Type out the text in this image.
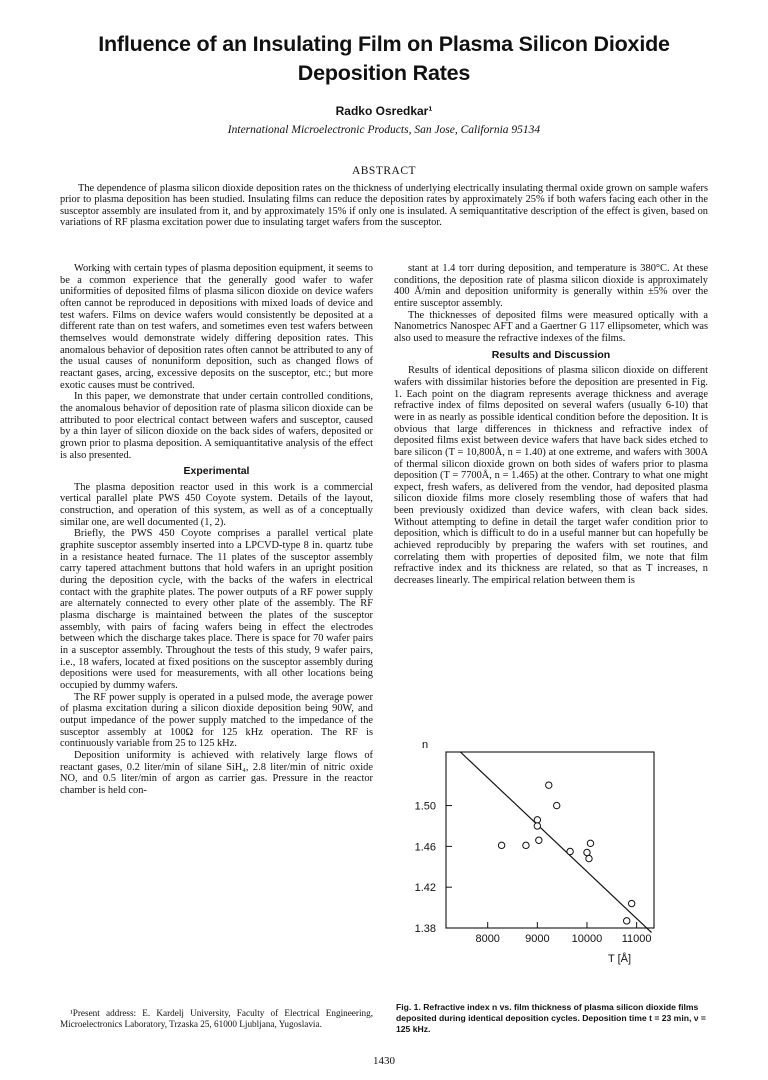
Influence of an Insulating Film on Plasma Silicon Dioxide Deposition Rates
Radko Osredkar¹
International Microelectronic Products, San Jose, California 95134
ABSTRACT

The dependence of plasma silicon dioxide deposition rates on the thickness of underlying electrically insulating thermal oxide grown on sample wafers prior to plasma deposition has been studied. Insulating films can reduce the deposition rates by approximately 25% if both wafers facing each other in the susceptor assembly are insulated from it, and by approximately 15% if only one is insulated. A semiquantitative description of the effect is given, based on variations of RF plasma excitation power due to insulating target wafers from the susceptor.

Working with certain types of plasma deposition equipment, it seems to be a common experience that the generally good wafer to wafer uniformities of deposited films of plasma silicon dioxide on device wafers often cannot be reproduced in depositions with mixed loads of device and test wafers. Films on device wafers would consistently be deposited at a different rate than on test wafers, and sometimes even test wafers between themselves would demonstrate widely differing deposition rates. This anomalous behavior of deposition rates often cannot be attributed to any of the usual causes of nonuniform deposition, such as changed flows of reactant gases, arcing, excessive deposits on the susceptor, etc.; but more exotic causes must be contrived.

In this paper, we demonstrate that under certain controlled conditions, the anomalous behavior of deposition rate of plasma silicon dioxide can be attributed to poor electrical contact between wafers and susceptor, caused by a thin layer of silicon dioxide on the back sides of wafers, deposited or grown prior to plasma deposition. A semiquantitative analysis of the effect is also presented.

Experimental

The plasma deposition reactor used in this work is a commercial vertical parallel plate PWS 450 Coyote system. Details of the layout, construction, and operation of this system, as well as of a conceptually similar one, are well documented (1, 2).

Briefly, the PWS 450 Coyote comprises a parallel vertical plate graphite susceptor assembly inserted into a LPCVD-type 8 in. quartz tube in a resistance heated furnace. The 11 plates of the susceptor assembly carry tapered attachment buttons that hold wafers in an upright position during the deposition cycle, with the backs of the wafers in electrical contact with the graphite plates. The power outputs of a RF power supply are alternately connected to every other plate of the assembly. The RF plasma discharge is maintained between the plates of the susceptor assembly, with pairs of facing wafers being in effect the electrodes between which the discharge takes place. There is space for 70 wafer pairs in a susceptor assembly. Throughout the tests of this study, 9 wafer pairs, i.e., 18 wafers, located at fixed positions on the susceptor assembly during depositions were used for measurements, with all other locations being occupied by dummy wafers.

The RF power supply is operated in a pulsed mode, the average power of plasma excitation during a silicon dioxide deposition being 90W, and output impedance of the power supply matched to the impedance of the susceptor assembly at 100Ω for 125 kHz operation. The RF is continuously variable from 25 to 125 kHz.

Deposition uniformity is achieved with relatively large flows of reactant gases, 0.2 liter/min of silane SiH₄, 2.8 liter/min of nitric oxide NO, and 0.5 liter/min of argon as carrier gas. Pressure in the reactor chamber is held con-

¹Present address: E. Kardelj University, Faculty of Electrical Engineering, Microelectronics Laboratory, Trzaska 25, 61000 Ljubljana, Yugoslavia.

stant at 1.4 torr during deposition, and temperature is 380°C. At these conditions, the deposition rate of plasma silicon dioxide is approximately 400 Å/min and deposition uniformity is generally within ±5% over the entire susceptor assembly.

The thicknesses of deposited films were measured optically with a Nanometrics Nanospec AFT and a Gaertner G 117 ellipsometer, which was also used to measure the refractive indexes of the films.

Results and Discussion

Results of identical depositions of plasma silicon dioxide on different wafers with dissimilar histories before the deposition are presented in Fig. 1. Each point on the diagram represents average thickness and average refractive index of films deposited on several wafers (usually 6-10) that were in as nearly as possible identical condition before the deposition. It is obvious that large differences in thickness and refractive index of deposited films exist between device wafers that have back sides etched to bare silicon (T = 10,800Å, n = 1.40) at one extreme, and wafers with 300A of thermal silicon dioxide grown on both sides of wafers prior to plasma deposition (T = 7700Å, n = 1.465) at the other. Contrary to what one might expect, fresh wafers, as delivered from the vendor, had deposited plasma silicon dioxide films more closely resembling those of wafers that had been previously oxidized than device wafers, with clean back sides. Without attempting to define in detail the target wafer condition prior to deposition, which is difficult to do in a useful manner but can hopefully be achieved reproducibly by preparing the wafers with set routines, and correlating them with properties of deposited film, we note that film refractive index and its thickness are related, so that as T increases, n decreases linearly. The empirical relation between them is

n
1.38
1.42
1.46
1.50
8000 9000 10000 11000
T [Å]

Fig. 1. Refractive index n vs. film thickness of plasma silicon dioxide films deposited during identical deposition cycles. Deposition time t = 23 min, ν = 125 kHz.

1430
